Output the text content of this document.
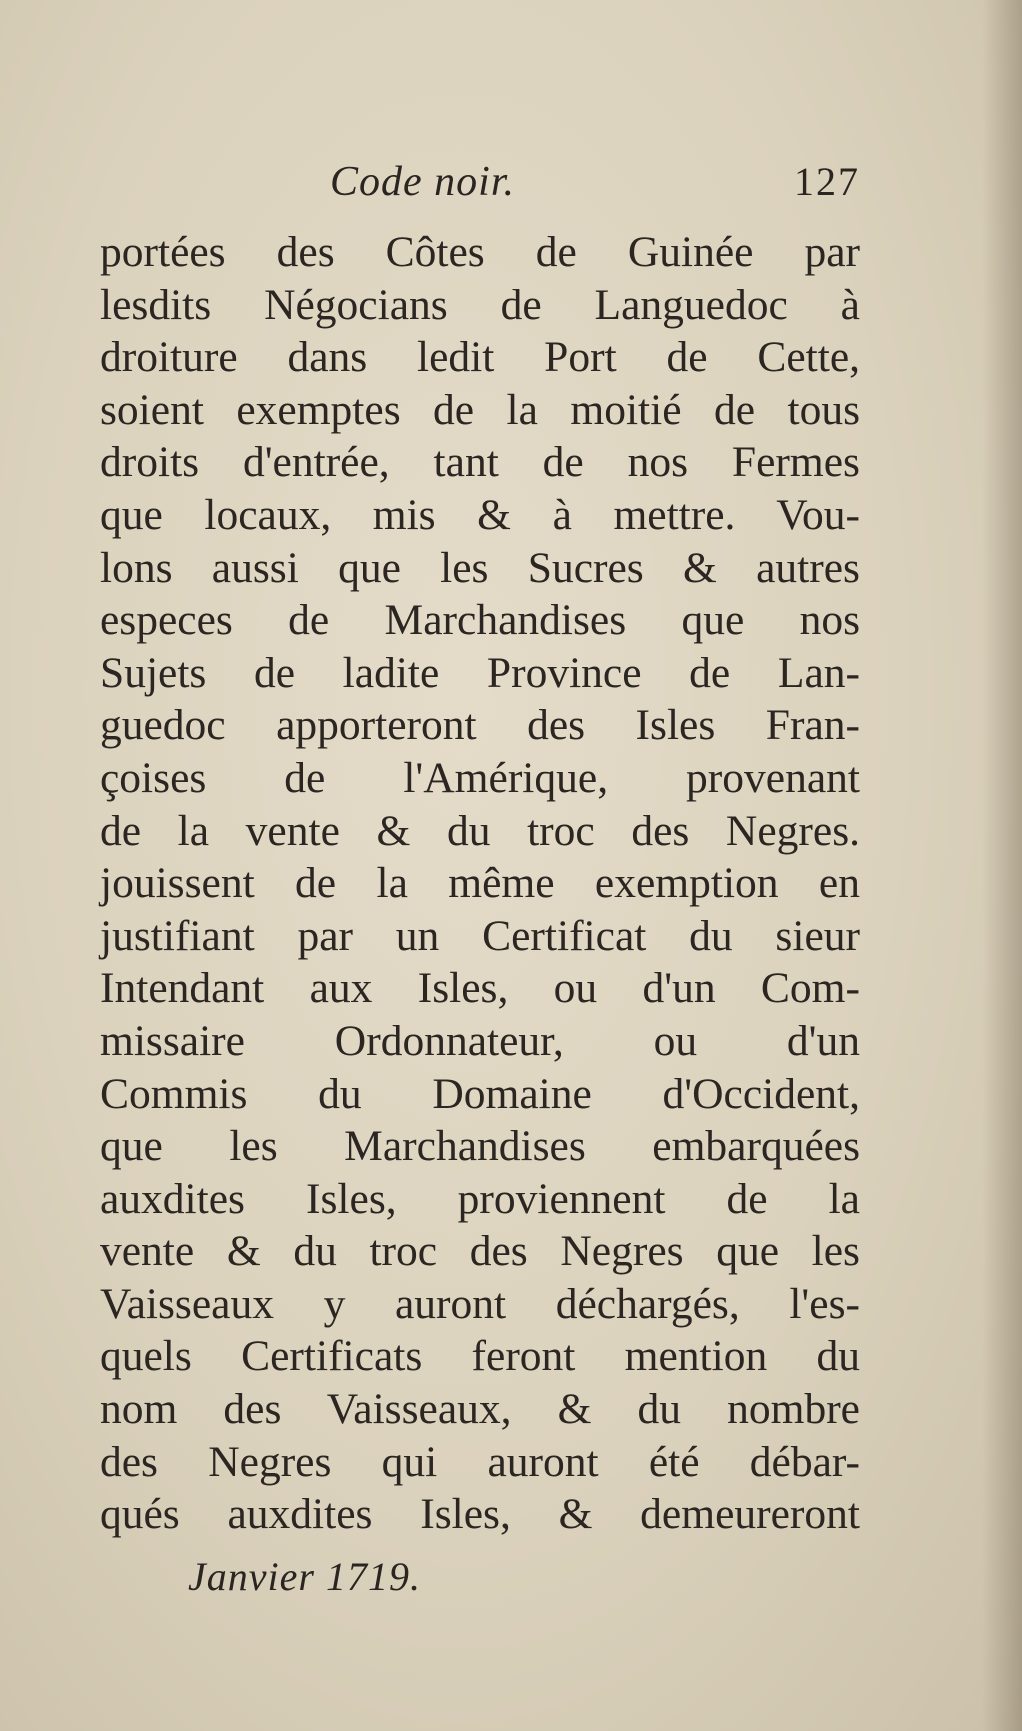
Code noir.	127
portées des Côtes de Guinée par
lesdits Négocians de Languedoc à
droiture dans ledit Port de Cette,
soient exemptes de la moitié de tous
droits d'entrée, tant de nos Fermes
que locaux, mis & à mettre. Vou-
lons aussi que les Sucres & autres
especes de Marchandises que nos
Sujets de ladite Province de Lan-
guedoc apporteront des Isles Fran-
çoises de l'Amérique, provenant
de la vente & du troc des Negres.
jouissent de la même exemption en
justifiant par un Certificat du sieur
Intendant aux Isles, ou d'un Com-
missaire Ordonnateur, ou d'un
Commis du Domaine d'Occident,
que les Marchandises embarquées
auxdites Isles, proviennent de la
vente & du troc des Negres que les
Vaisseaux y auront déchargés, l'es-
quels Certificats feront mention du
nom des Vaisseaux, & du nombre
des Negres qui auront été débar-
qués auxdites Isles, & demeureront
Janvier 1719.
